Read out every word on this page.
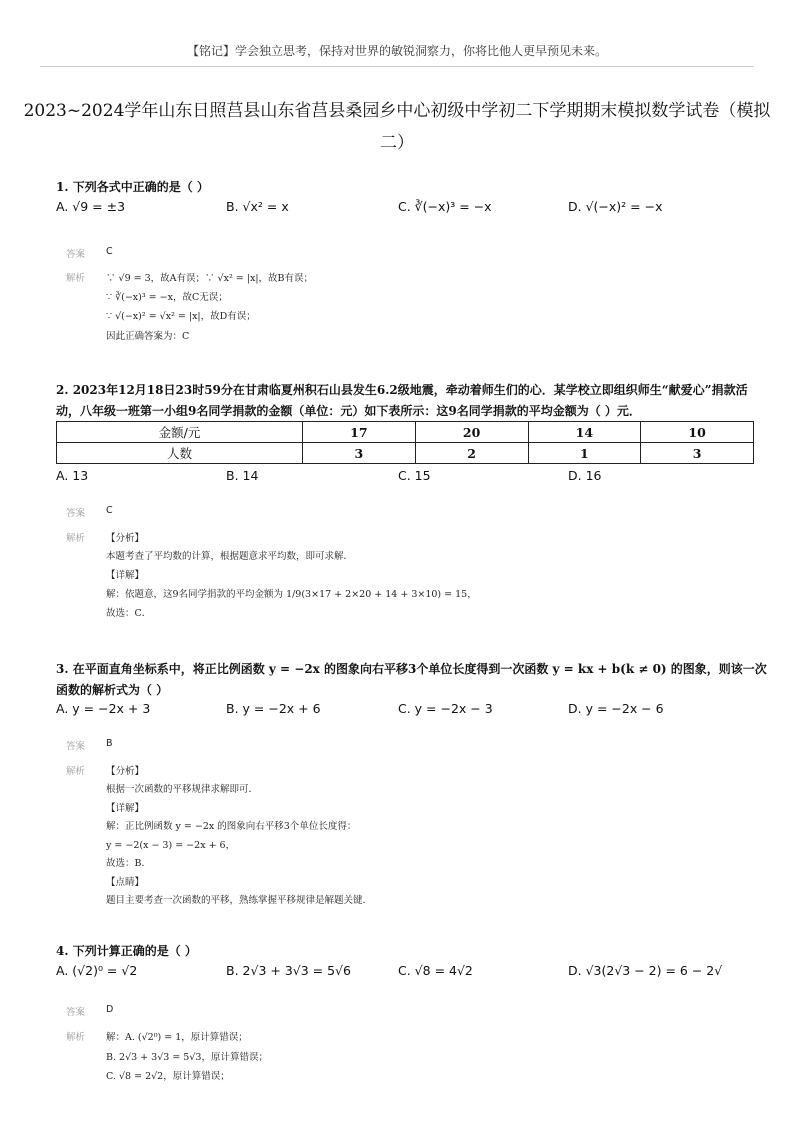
【铭记】学会独立思考，保持对世界的敏锐洞察力，你将比他人更早预见未来。
2023~2024学年山东日照莒县山东省莒县桑园乡中心初级中学初二下学期期末模拟数学试卷（模拟
二）
1. 下列各式中正确的是（ ）
A. √9 = ±3	B. √x² = x	C. ∛(−x)³ = −x	D. √(−x)² = −x
答案 C
解析 ∵ √9 = 3，故A有误；∵ √x² = |x|，故B有误；
∵ ∛(−x)³ = −x，故C无误；
∵ √(−x)² = √x² = |x|，故D有误；
因此正确答案为：C
2. 2023年12月18日23时59分在甘肃临夏州积石山县发生6.2级地震，牵动着师生们的心．某学校立即组织师生“献爱心”捐款活
动，八年级一班第一小组9名同学捐款的金额（单位：元）如下表所示：这9名同学捐款的平均金额为（ ）元．
金额/元	17	20	14	10
人数	3	2	1	3
A. 13	B. 14	C. 15	D. 16
答案 C
解析 【分析】
本题考查了平均数的计算，根据题意求平均数，即可求解．
【详解】
解：依题意，这9名同学捐款的平均金额为 1/9(3×17 + 2×20 + 14 + 3×10) = 15，
故选：C．
3. 在平面直角坐标系中，将正比例函数 y = −2x 的图象向右平移3个单位长度得到一次函数 y = kx + b(k ≠ 0) 的图象，则该一次
函数的解析式为（ ）
A. y = −2x + 3	B. y = −2x + 6	C. y = −2x − 3	D. y = −2x − 6
答案 B
解析 【分析】
根据一次函数的平移规律求解即可．
【详解】
解：正比例函数 y = −2x 的图象向右平移3个单位长度得：
y = −2(x − 3) = −2x + 6，
故选：B．
【点睛】
题目主要考查一次函数的平移，熟练掌握平移规律是解题关键．
4. 下列计算正确的是（ ）
A. (√2)⁰ = √2	B. 2√3 + 3√3 = 5√6	C. √8 = 4√2	D. √3(2√3 − 2) = 6 − 2√
答案 D
解析 解：A. (√2⁰) = 1，原计算错误；
B. 2√3 + 3√3 = 5√3，原计算错误；
C. √8 = 2√2，原计算错误；
